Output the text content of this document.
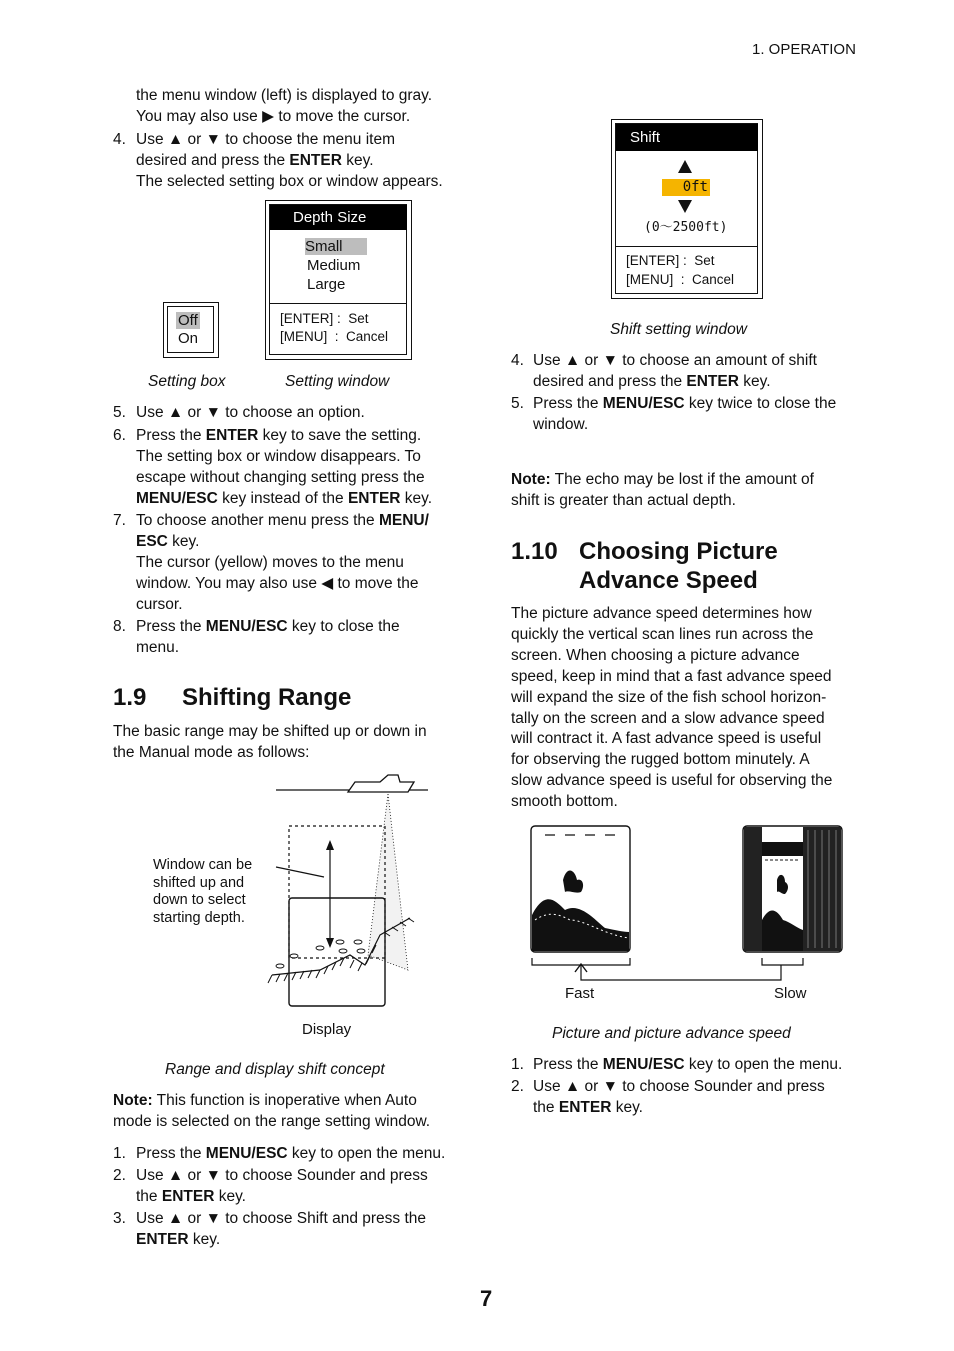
1. OPERATION
the menu window (left) is displayed to gray.
You may also use ▶ to move the cursor.
Off
On
Depth Size
Small
Medium
Large
[ENTER] :  Set
[MENU]  :  Cancel
Setting box	Setting window
1.9 Shifting Range
The basic range may be shifted up or down in
the Manual mode as follows:
Window can be
shifted up and
down to select
starting depth.
Display
Range and display shift concept
Note: This function is inoperative when Auto
mode is selected on the range setting window.
Shift
0ft
(0～2500ft)
[ENTER] :  Set
[MENU]  :  Cancel
Shift setting window
Note: The echo may be lost if the amount of
shift is greater than actual depth.
1.10 Choosing Picture
Advance Speed
Fast	Slow
Picture and picture advance speed
7
4. Use ▲ or ▼ to choose the menu item
desired and press the ENTER key.
The selected setting box or window appears.
5. Use ▲ or ▼ to choose an option.
6. Press the ENTER key to save the setting.
The setting box or window disappears. To
escape without changing setting press the
MENU/ESC key instead of the ENTER key.
7. To choose another menu press the MENU/
ESC key.
The cursor (yellow) moves to the menu
window. You may also use ◀ to move the
cursor.
8. Press the MENU/ESC key to close the
menu.
1. Press the MENU/ESC key to open the menu.
2. Use ▲ or ▼ to choose Sounder and press
the ENTER key.
3. Use ▲ or ▼ to choose Shift and press the
ENTER key.
4. Use ▲ or ▼ to choose an amount of shift
desired and press the ENTER key.
5. Press the MENU/ESC key twice to close the
window.
1. Press the MENU/ESC key to open the menu.
2. Use ▲ or ▼ to choose Sounder and press
the ENTER key.
The picture advance speed determines how
quickly the vertical scan lines run across the
screen. When choosing a picture advance
speed, keep in mind that a fast advance speed
will expand the size of the fish school horizon-
tally on the screen and a slow advance speed
will contract it. A fast advance speed is useful
for observing the rugged bottom minutely. A
slow advance speed is useful for observing the
smooth bottom.
